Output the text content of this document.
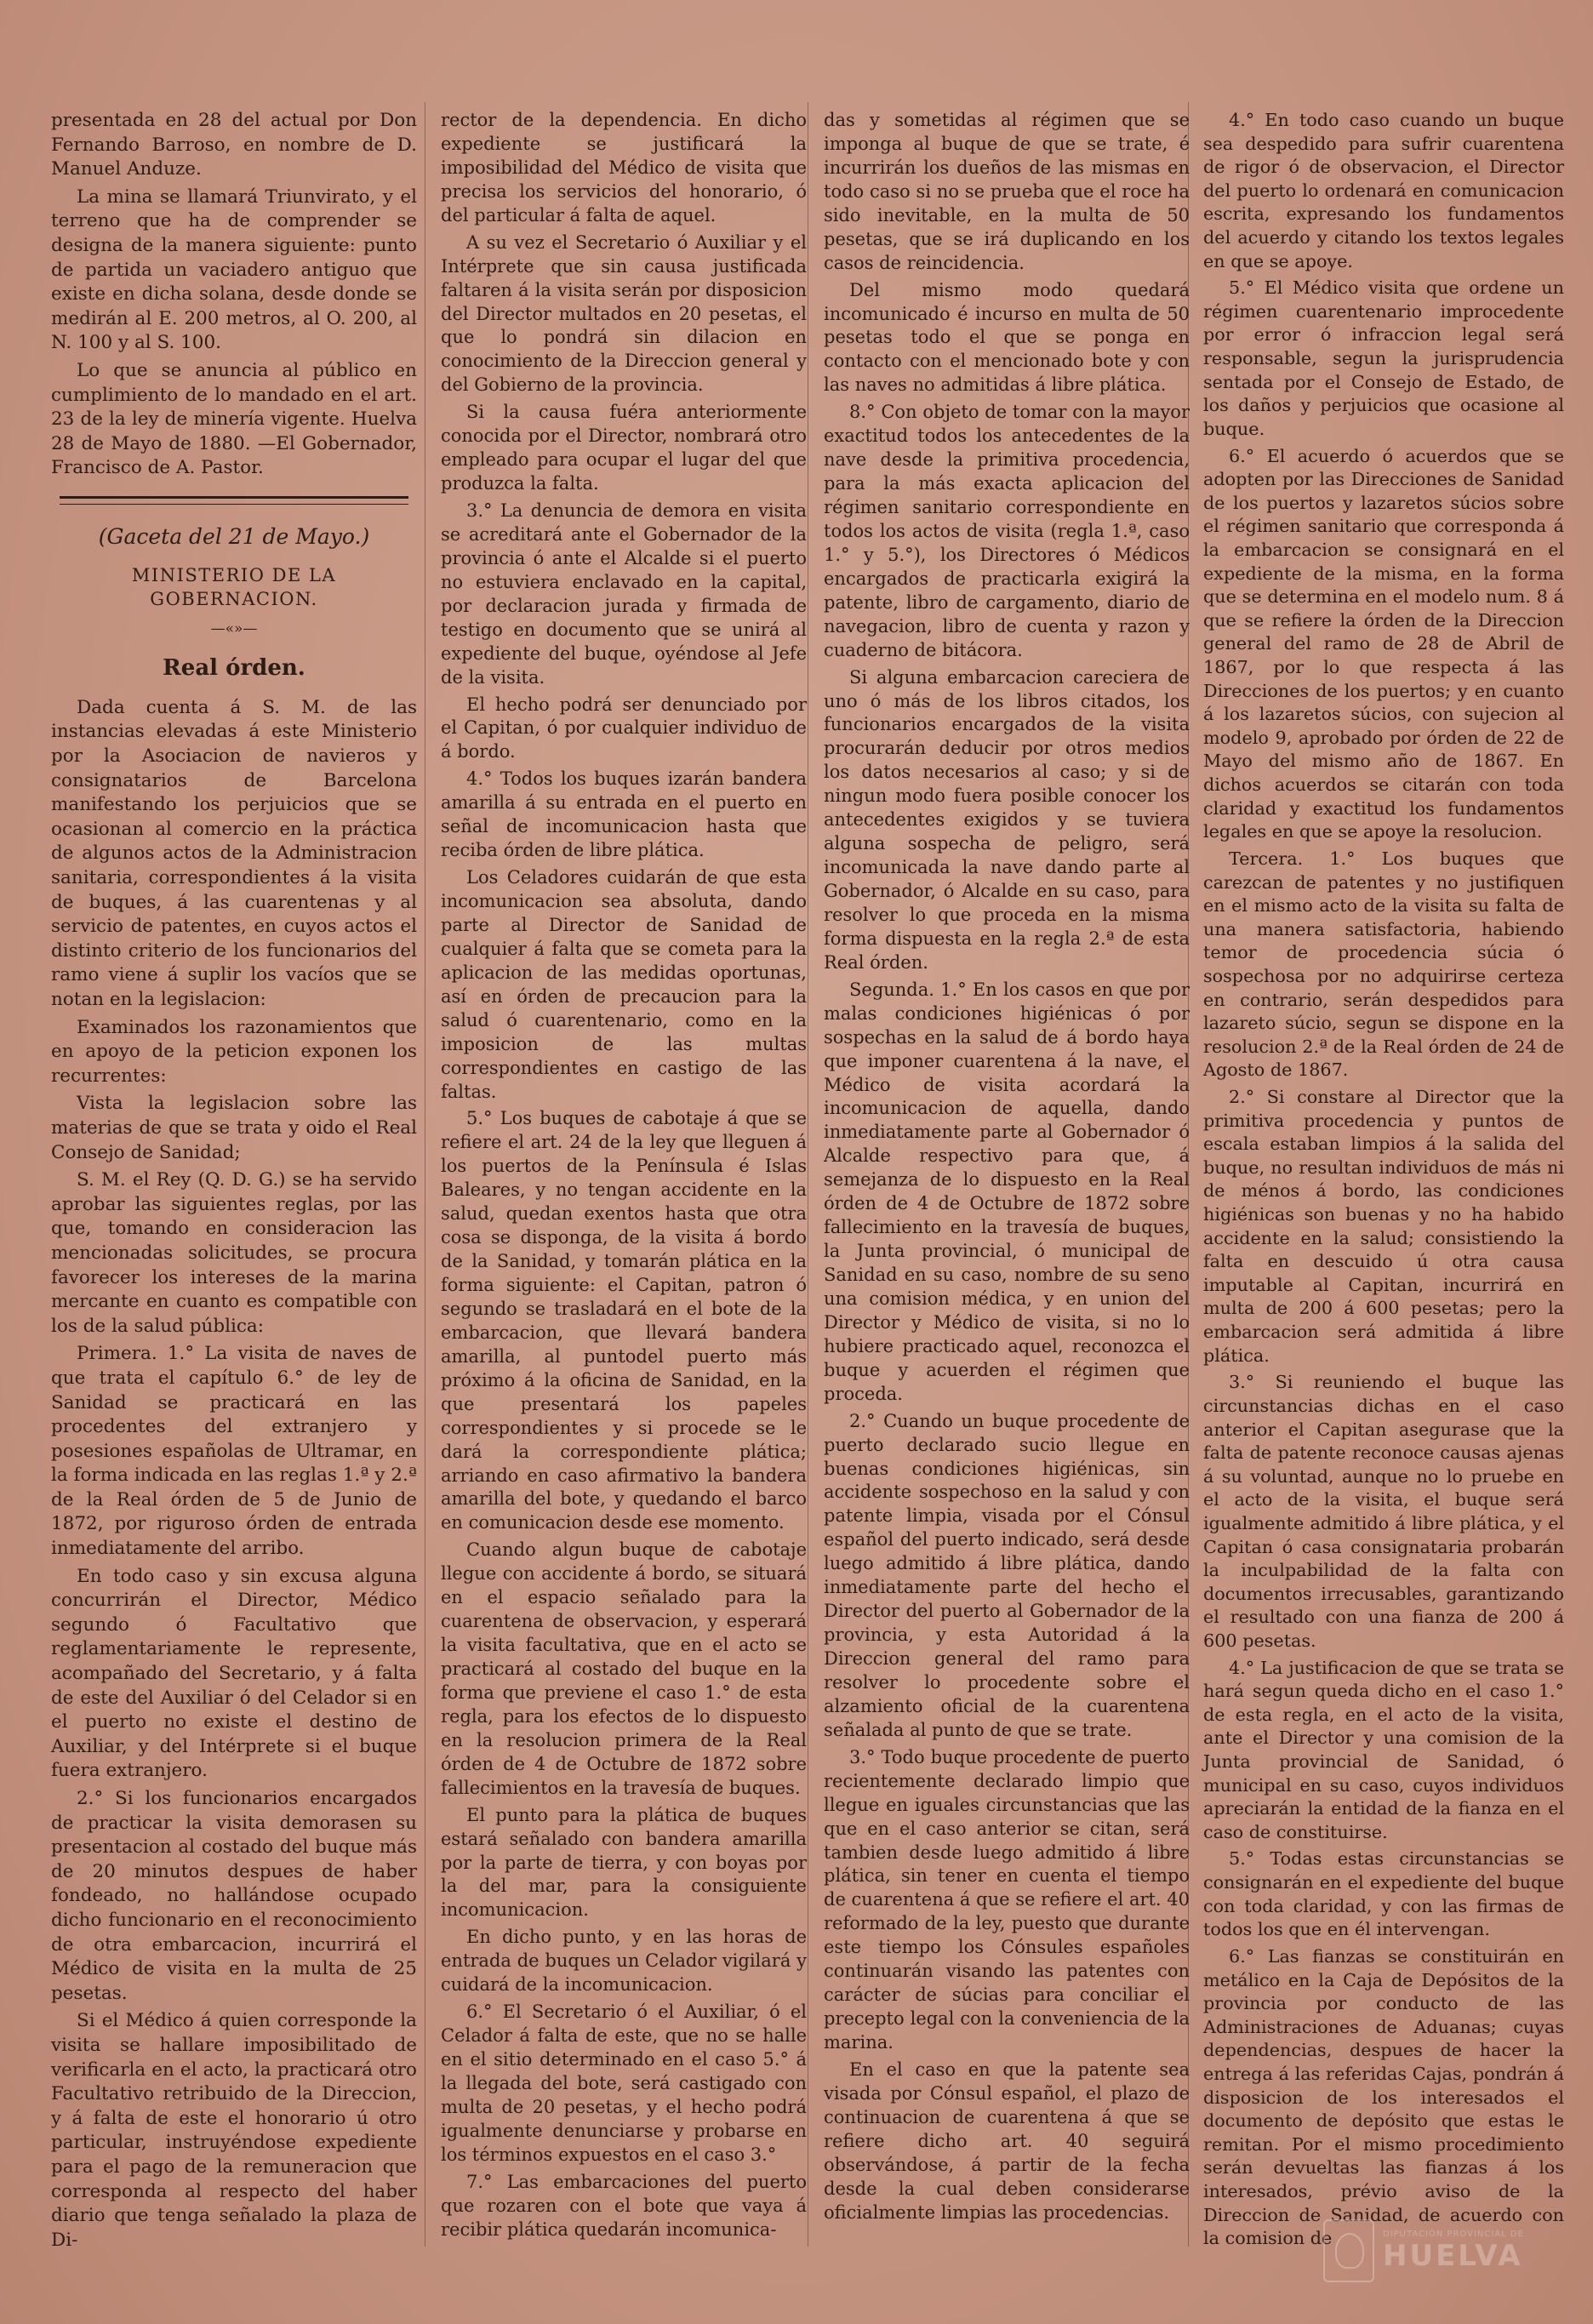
presentada en 28 del actual por Don Fernando Barroso, en nombre de D. Manuel Anduze.

La mina se llamará Triunvirato, y el terreno que ha de comprender se designa de la manera siguiente: punto de partida un vaciadero antiguo que existe en dicha solana, desde donde se medirán al E. 200 metros, al O. 200, al N. 100 y al S. 100.

Lo que se anuncia al público en cumplimiento de lo mandado en el art. 23 de la ley de minería vigente. Huelva 28 de Mayo de 1880. —El Gobernador, Francisco de A. Pastor.

(Gaceta del 21 de Mayo.)
MINISTERIO DE LA GOBERNACION.
—«»—
Real órden.

Dada cuenta á S. M. de las instancias elevadas á este Ministerio por la Asociacion de navieros y consignatarios de Barcelona manifestando los perjuicios que se ocasionan al comercio en la práctica de algunos actos de la Administracion sanitaria, correspondientes á la visita de buques, á las cuarentenas y al servicio de patentes, en cuyos actos el distinto criterio de los funcionarios del ramo viene á suplir los vacíos que se notan en la legislacion:

Examinados los razonamientos que en apoyo de la peticion exponen los recurrentes:

Vista la legislacion sobre las materias de que se trata y oido el Real Consejo de Sanidad;

S. M. el Rey (Q. D. G.) se ha servido aprobar las siguientes reglas, por las que, tomando en consideracion las mencionadas solicitudes, se procura favorecer los intereses de la marina mercante en cuanto es compatible con los de la salud pública:

Primera. 1.° La visita de naves de que trata el capítulo 6.° de ley de Sanidad se practicará en las procedentes del extranjero y posesiones españolas de Ultramar, en la forma indicada en las reglas 1.ª y 2.ª de la Real órden de 5 de Junio de 1872, por riguroso órden de entrada inmediatamente del arribo.

En todo caso y sin excusa alguna concurrirán el Director, Médico segundo ó Facultativo que reglamentariamente le represente, acompañado del Secretario, y á falta de este del Auxiliar ó del Celador si en el puerto no existe el destino de Auxiliar, y del Intérprete si el buque fuera extranjero.

2.° Si los funcionarios encargados de practicar la visita demorasen su presentacion al costado del buque más de 20 minutos despues de haber fondeado, no hallándose ocupado dicho funcionario en el reconocimiento de otra embarcacion, incurrirá el Médico de visita en la multa de 25 pesetas.

Si el Médico á quien corresponde la visita se hallare imposibilitado de verificarla en el acto, la practicará otro Facultativo retribuido de la Direccion, y á falta de este el honorario ú otro particular, instruyéndose expediente para el pago de la remuneracion que corresponda al respecto del haber diario que tenga señalado la plaza de Di-

rector de la dependencia. En dicho expediente se justificará la imposibilidad del Médico de visita que precisa los servicios del honorario, ó del particular á falta de aquel.

A su vez el Secretario ó Auxiliar y el Intérprete que sin causa justificada faltaren á la visita serán por disposicion del Director multados en 20 pesetas, el que lo pondrá sin dilacion en conocimiento de la Direccion general y del Gobierno de la provincia.

Si la causa fuéra anteriormente conocida por el Director, nombrará otro empleado para ocupar el lugar del que produzca la falta.

3.° La denuncia de demora en visita se acreditará ante el Gobernador de la provincia ó ante el Alcalde si el puerto no estuviera enclavado en la capital, por declaracion jurada y firmada de testigo en documento que se unirá al expediente del buque, oyéndose al Jefe de la visita.

El hecho podrá ser denunciado por el Capitan, ó por cualquier individuo de á bordo.

4.° Todos los buques izarán bandera amarilla á su entrada en el puerto en señal de incomunicacion hasta que reciba órden de libre plática.

Los Celadores cuidarán de que esta incomunicacion sea absoluta, dando parte al Director de Sanidad de cualquier á falta que se cometa para la aplicacion de las medidas oportunas, así en órden de precaucion para la salud ó cuarentenario, como en la imposicion de las multas correspondientes en castigo de las faltas.

5.° Los buques de cabotaje á que se refiere el art. 24 de la ley que lleguen á los puertos de la Península é Islas Baleares, y no tengan accidente en la salud, quedan exentos hasta que otra cosa se disponga, de la visita á bordo de la Sanidad, y tomarán plática en la forma siguiente: el Capitan, patron ó segundo se trasladará en el bote de la embarcacion, que llevará bandera amarilla, al puntodel puerto más próximo á la oficina de Sanidad, en la que presentará los papeles correspondientes y si procede se le dará la correspondiente plática; arriando en caso afirmativo la bandera amarilla del bote, y quedando el barco en comunicacion desde ese momento.

Cuando algun buque de cabotaje llegue con accidente á bordo, se situará en el espacio señalado para la cuarentena de observacion, y esperará la visita facultativa, que en el acto se practicará al costado del buque en la forma que previene el caso 1.° de esta regla, para los efectos de lo dispuesto en la resolucion primera de la Real órden de 4 de Octubre de 1872 sobre fallecimientos en la travesía de buques.

El punto para la plática de buques estará señalado con bandera amarilla por la parte de tierra, y con boyas por la del mar, para la consiguiente incomunicacion.

En dicho punto, y en las horas de entrada de buques un Celador vigilará y cuidará de la incomunicacion.

6.° El Secretario ó el Auxiliar, ó el Celador á falta de este, que no se halle en el sitio determinado en el caso 5.° á la llegada del bote, será castigado con multa de 20 pesetas, y el hecho podrá igualmente denunciarse y probarse en los términos expuestos en el caso 3.°

7.° Las embarcaciones del puerto que rozaren con el bote que vaya á recibir plática quedarán incomunica-

das y sometidas al régimen que se imponga al buque de que se trate, é incurrirán los dueños de las mismas en todo caso si no se prueba que el roce ha sido inevitable, en la multa de 50 pesetas, que se irá duplicando en los casos de reincidencia.

Del mismo modo quedará incomunicado é incurso en multa de 50 pesetas todo el que se ponga en contacto con el mencionado bote y con las naves no admitidas á libre plática.

8.° Con objeto de tomar con la mayor exactitud todos los antecedentes de la nave desde la primitiva procedencia, para la más exacta aplicacion del régimen sanitario correspondiente en todos los actos de visita (regla 1.ª, caso 1.° y 5.°), los Directores ó Médicos encargados de practicarla exigirá la patente, libro de cargamento, diario de navegacion, libro de cuenta y razon y cuaderno de bitácora.

Si alguna embarcacion careciera de uno ó más de los libros citados, los funcionarios encargados de la visita procurarán deducir por otros medios los datos necesarios al caso; y si de ningun modo fuera posible conocer los antecedentes exigidos y se tuviera alguna sospecha de peligro, será incomunicada la nave dando parte al Gobernador, ó Alcalde en su caso, para resolver lo que proceda en la misma forma dispuesta en la regla 2.ª de esta Real órden.

Segunda. 1.° En los casos en que por malas condiciones higiénicas ó por sospechas en la salud de á bordo haya que imponer cuarentena á la nave, el Médico de visita acordará la incomunicacion de aquella, dando inmediatamente parte al Gobernador ó Alcalde respectivo para que, á semejanza de lo dispuesto en la Real órden de 4 de Octubre de 1872 sobre fallecimiento en la travesía de buques, la Junta provincial, ó municipal de Sanidad en su caso, nombre de su seno una comision médica, y en union del Director y Médico de visita, si no lo hubiere practicado aquel, reconozca el buque y acuerden el régimen que proceda.

2.° Cuando un buque procedente de puerto declarado sucio llegue en buenas condiciones higiénicas, sin accidente sospechoso en la salud y con patente limpia, visada por el Cónsul español del puerto indicado, será desde luego admitido á libre plática, dando inmediatamente parte del hecho el Director del puerto al Gobernador de la provincia, y esta Autoridad á la Direccion general del ramo para resolver lo procedente sobre el alzamiento oficial de la cuarentena señalada al punto de que se trate.

3.° Todo buque procedente de puerto recientemente declarado limpio que llegue en iguales circunstancias que las que en el caso anterior se citan, será tambien desde luego admitido á libre plática, sin tener en cuenta el tiempo de cuarentena á que se refiere el art. 40 reformado de la ley, puesto que durante este tiempo los Cónsules españoles continuarán visando las patentes con carácter de súcias para conciliar el precepto legal con la conveniencia de la marina.

En el caso en que la patente sea visada por Cónsul español, el plazo de continuacion de cuarentena á que se refiere dicho art. 40 seguirá observándose, á partir de la fecha desde la cual deben considerarse oficialmente limpias las procedencias.

4.° En todo caso cuando un buque sea despedido para sufrir cuarentena de rigor ó de observacion, el Director del puerto lo ordenará en comunicacion escrita, expresando los fundamentos del acuerdo y citando los textos legales en que se apoye.

5.° El Médico visita que ordene un régimen cuarentenario improcedente por error ó infraccion legal será responsable, segun la jurisprudencia sentada por el Consejo de Estado, de los daños y perjuicios que ocasione al buque.

6.° El acuerdo ó acuerdos que se adopten por las Direcciones de Sanidad de los puertos y lazaretos súcios sobre el régimen sanitario que corresponda á la embarcacion se consignará en el expediente de la misma, en la forma que se determina en el modelo num. 8 á que se refiere la órden de la Direccion general del ramo de 28 de Abril de 1867, por lo que respecta á las Direcciones de los puertos; y en cuanto á los lazaretos súcios, con sujecion al modelo 9, aprobado por órden de 22 de Mayo del mismo año de 1867. En dichos acuerdos se citarán con toda claridad y exactitud los fundamentos legales en que se apoye la resolucion.

Tercera. 1.° Los buques que carezcan de patentes y no justifiquen en el mismo acto de la visita su falta de una manera satisfactoria, habiendo temor de procedencia súcia ó sospechosa por no adquirirse certeza en contrario, serán despedidos para lazareto súcio, segun se dispone en la resolucion 2.ª de la Real órden de 24 de Agosto de 1867.

2.° Si constare al Director que la primitiva procedencia y puntos de escala estaban limpios á la salida del buque, no resultan individuos de más ni de ménos á bordo, las condiciones higiénicas son buenas y no ha habido accidente en la salud; consistiendo la falta en descuido ú otra causa imputable al Capitan, incurrirá en multa de 200 á 600 pesetas; pero la embarcacion será admitida á libre plática.

3.° Si reuniendo el buque las circunstancias dichas en el caso anterior el Capitan asegurase que la falta de patente reconoce causas ajenas á su voluntad, aunque no lo pruebe en el acto de la visita, el buque será igualmente admitido á libre plática, y el Capitan ó casa consignataria probarán la inculpabilidad de la falta con documentos irrecusables, garantizando el resultado con una fianza de 200 á 600 pesetas.

4.° La justificacion de que se trata se hará segun queda dicho en el caso 1.° de esta regla, en el acto de la visita, ante el Director y una comision de la Junta provincial de Sanidad, ó municipal en su caso, cuyos individuos apreciarán la entidad de la fianza en el caso de constituirse.

5.° Todas estas circunstancias se consignarán en el expediente del buque con toda claridad, y con las firmas de todos los que en él intervengan.

6.° Las fianzas se constituirán en metálico en la Caja de Depósitos de la provincia por conducto de las Administraciones de Aduanas; cuyas dependencias, despues de hacer la entrega á las referidas Cajas, pondrán á disposicion de los interesados el documento de depósito que estas le remitan. Por el mismo procedimiento serán devueltas las fianzas á los interesados, prévio aviso de la Direccion de Sanidad, de acuerdo con la comision de	DIPUTACIÓN PROVINCIAL DE
HUELVA
